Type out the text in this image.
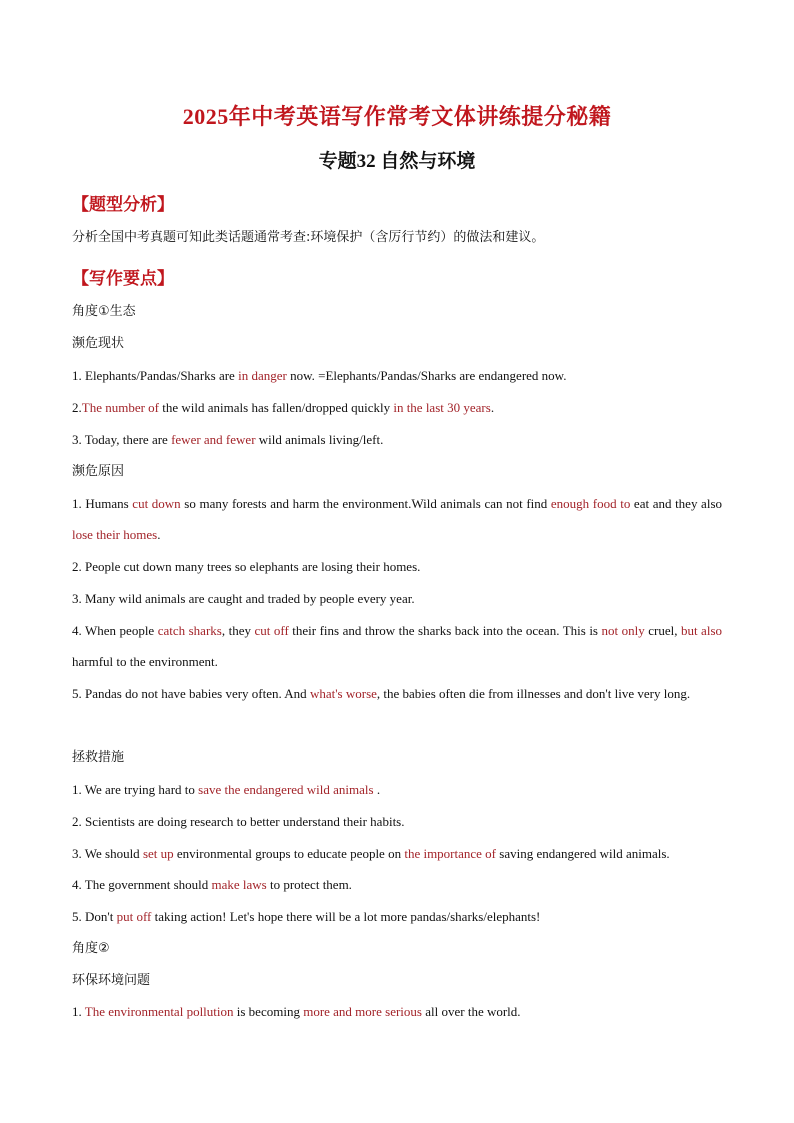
2025年中考英语写作常考文体讲练提分秘籍
专题32 自然与环境
【题型分析】
分析全国中考真题可知此类话题通常考查:环境保护（含厉行节约）的做法和建议。
【写作要点】
角度①生态
濒危现状
1. Elephants/Pandas/Sharks are in danger now. =Elephants/Pandas/Sharks are endangered now.
2.The number of the wild animals has fallen/dropped quickly in the last 30 years.
3. Today, there are fewer and fewer wild animals living/left.
濒危原因
1. Humans cut down so many forests and harm the environment.Wild animals can not find enough food to eat and they also lose their homes.
2. People cut down many trees so elephants are losing their homes.
3. Many wild animals are caught and traded by people every year.
4. When people catch sharks, they cut off their fins and throw the sharks back into the ocean. This is not only cruel, but also harmful to the environment.
5. Pandas do not have babies very often. And what's worse, the babies often die from illnesses and don't live very long.
拯救措施
1. We are trying hard to save the endangered wild animals .
2. Scientists are doing research to better understand their habits.
3. We should set up environmental groups to educate people on the importance of saving endangered wild animals.
4. The government should make laws to protect them.
5. Don't put off taking action! Let's hope there will be a lot more pandas/sharks/elephants!
角度②
环保环境问题
1. The environmental pollution is becoming more and more serious all over the world.
